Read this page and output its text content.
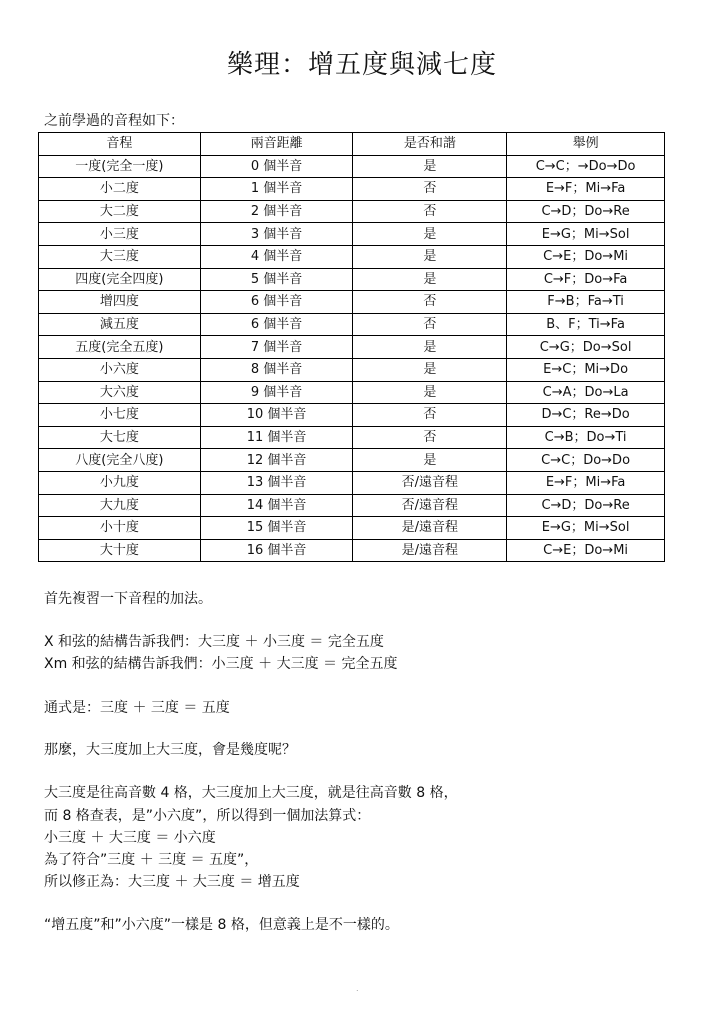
樂理：增五度與減七度
之前學過的音程如下：
音程	兩音距離	是否和諧	舉例
一度(完全一度)	0 個半音	是	C→C；→Do→Do
小二度	1 個半音	否	E→F；Mi→Fa
大二度	2 個半音	否	C→D；Do→Re
小三度	3 個半音	是	E→G；Mi→Sol
大三度	4 個半音	是	C→E；Do→Mi
四度(完全四度)	5 個半音	是	C→F；Do→Fa
增四度	6 個半音	否	F→B；Fa→Ti
減五度	6 個半音	否	B、F；Ti→Fa
五度(完全五度)	7 個半音	是	C→G；Do→Sol
小六度	8 個半音	是	E→C；Mi→Do
大六度	9 個半音	是	C→A；Do→La
小七度	10 個半音	否	D→C；Re→Do
大七度	11 個半音	否	C→B；Do→Ti
八度(完全八度)	12 個半音	是	C→C；Do→Do
小九度	13 個半音	否/遠音程	E→F；Mi→Fa
大九度	14 個半音	否/遠音程	C→D；Do→Re
小十度	15 個半音	是/遠音程	E→G；Mi→Sol
大十度	16 個半音	是/遠音程	C→E；Do→Mi
首先複習一下音程的加法。
X 和弦的結構告訴我們：大三度 ＋ 小三度 ＝ 完全五度
Xm 和弦的結構告訴我們：小三度 ＋ 大三度 ＝ 完全五度
通式是：三度 ＋ 三度 ＝ 五度
那麼，大三度加上大三度，會是幾度呢？
大三度是往高音數 4 格，大三度加上大三度，就是往高音數 8 格，
而 8 格查表，是”小六度”，所以得到一個加法算式：
小三度 ＋ 大三度 ＝ 小六度
為了符合”三度 ＋ 三度 ＝ 五度”，
所以修正為：大三度 ＋ 大三度 ＝ 增五度
“增五度”和”小六度”一樣是 8 格，但意義上是不一樣的。
.
